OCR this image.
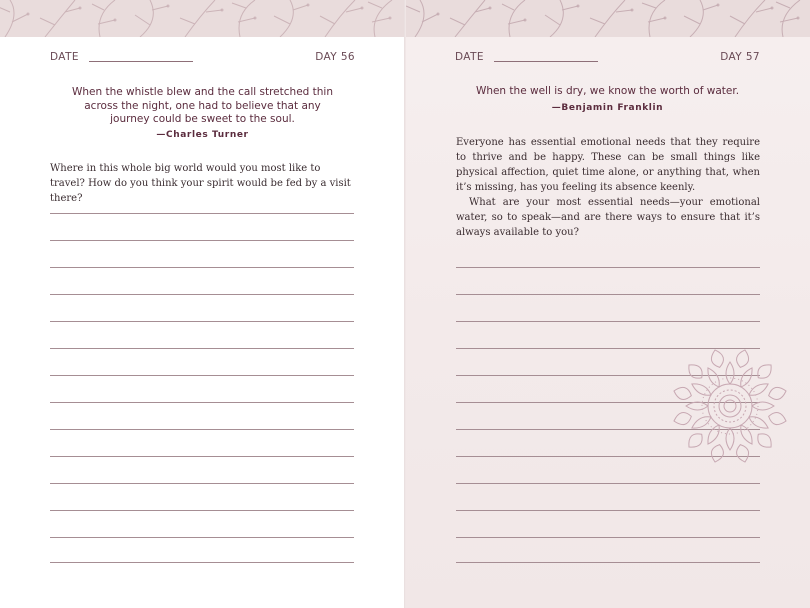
DATE	DAY 56
When the whistle blew and the call stretched thin across the night, one had to believe that any journey could be sweet to the soul.
—Charles Turner

Where in this whole big world would you most like to travel? How do you think your spirit would be fed by a visit there?

DATE	DAY 57
When the well is dry, we know the worth of water.
—Benjamin Franklin

Everyone has essential emotional needs that they require to thrive and be happy. These can be small things like physical affection, quiet time alone, or anything that, when it’s missing, has you feeling its absence keenly.

What are your most essential needs—your emotional water, so to speak—and are there ways to ensure that it’s always available to you?
